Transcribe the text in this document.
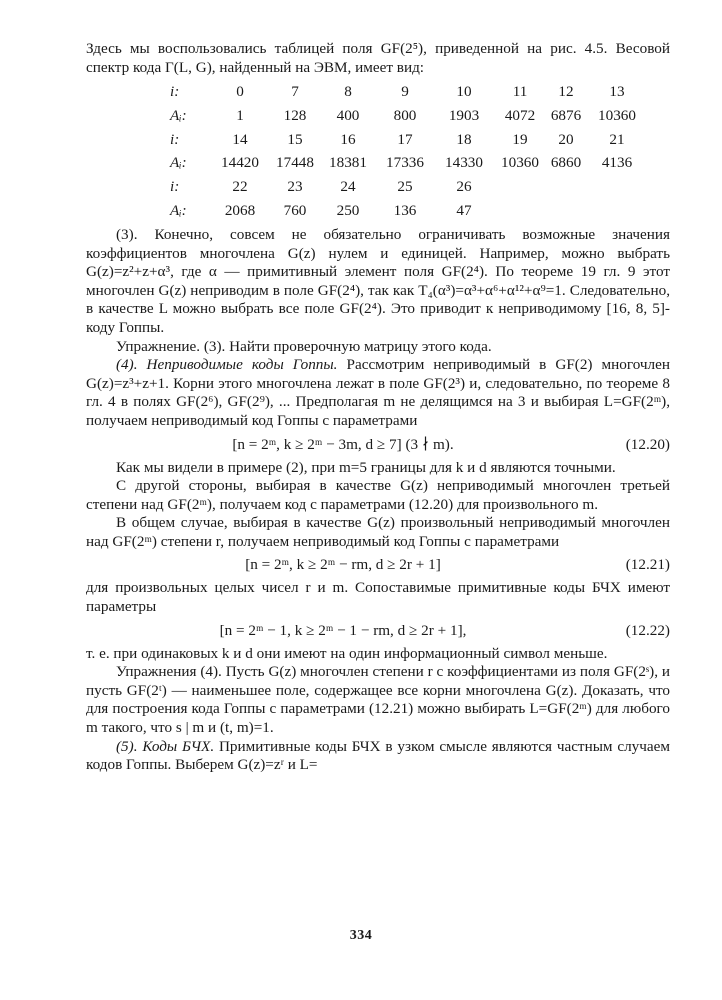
Здесь мы воспользовались таблицей поля GF(2⁵), приведенной на рис. 4.5. Весовой спектр кода Γ(L, G), найденный на ЭВМ, имеет вид:

i:	0	7	8	9	10	11	12	13
Aᵢ:	1	128	400	800	1903	4072	6876	10360
i:	14	15	16	17	18	19	20	21
Aᵢ:	14420	17448	18381	17336	14330	10360	6860	4136
i:	22	23	24	25	26			
Aᵢ:	2068	760	250	136	47			

(3). Конечно, совсем не обязательно ограничивать возможные значения коэффициентов многочлена G(z) нулем и единицей. Например, можно выбрать G(z)=z²+z+α³, где α — примитивный элемент поля GF(2⁴). По теореме 19 гл. 9 этот многочлен G(z) неприводим в поле GF(2⁴), так как T₄(α³)=α³+α⁶+α¹²+α⁹=1. Следовательно, в качестве L можно выбрать все поле GF(2⁴). Это приводит к неприводимому [16, 8, 5]-коду Гоппы.

Упражнение. (3). Найти проверочную матрицу этого кода.

(4). Неприводимые коды Гоппы. Рассмотрим неприводимый в GF(2) многочлен G(z)=z³+z+1. Корни этого многочлена лежат в поле GF(2³) и, следовательно, по теореме 8 гл. 4 в полях GF(2⁶), GF(2⁹), ... Предполагая m не делящимся на 3 и выбирая L=GF(2ᵐ), получаем неприводимый код Гоппы с параметрами

[n = 2ᵐ, k ≥ 2ᵐ − 3m, d ≥ 7] (3 ∤ m).	(12.20)

Как мы видели в примере (2), при m=5 границы для k и d являются точными.

С другой стороны, выбирая в качестве G(z) неприводимый многочлен третьей степени над GF(2ᵐ), получаем код с параметрами (12.20) для произвольного m.

В общем случае, выбирая в качестве G(z) произвольный неприводимый многочлен над GF(2ᵐ) степени r, получаем неприводимый код Гоппы с параметрами

[n = 2ᵐ, k ≥ 2ᵐ − rm, d ≥ 2r + 1]	(12.21)

для произвольных целых чисел r и m. Сопоставимые примитивные коды БЧХ имеют параметры

[n = 2ᵐ − 1, k ≥ 2ᵐ − 1 − rm, d ≥ 2r + 1],	(12.22)

т. е. при одинаковых k и d они имеют на один информационный символ меньше.

Упражнения (4). Пусть G(z) многочлен степени r с коэффициентами из поля GF(2ˢ), и пусть GF(2ᵗ) — наименьшее поле, содержащее все корни многочлена G(z). Доказать, что для построения кода Гоппы с параметрами (12.21) можно выбирать L=GF(2ᵐ) для любого m такого, что s | m и (t, m)=1.

(5). Коды БЧХ. Примитивные коды БЧХ в узком смысле являются частным случаем кодов Гоппы. Выберем G(z)=zʳ и L=

334
